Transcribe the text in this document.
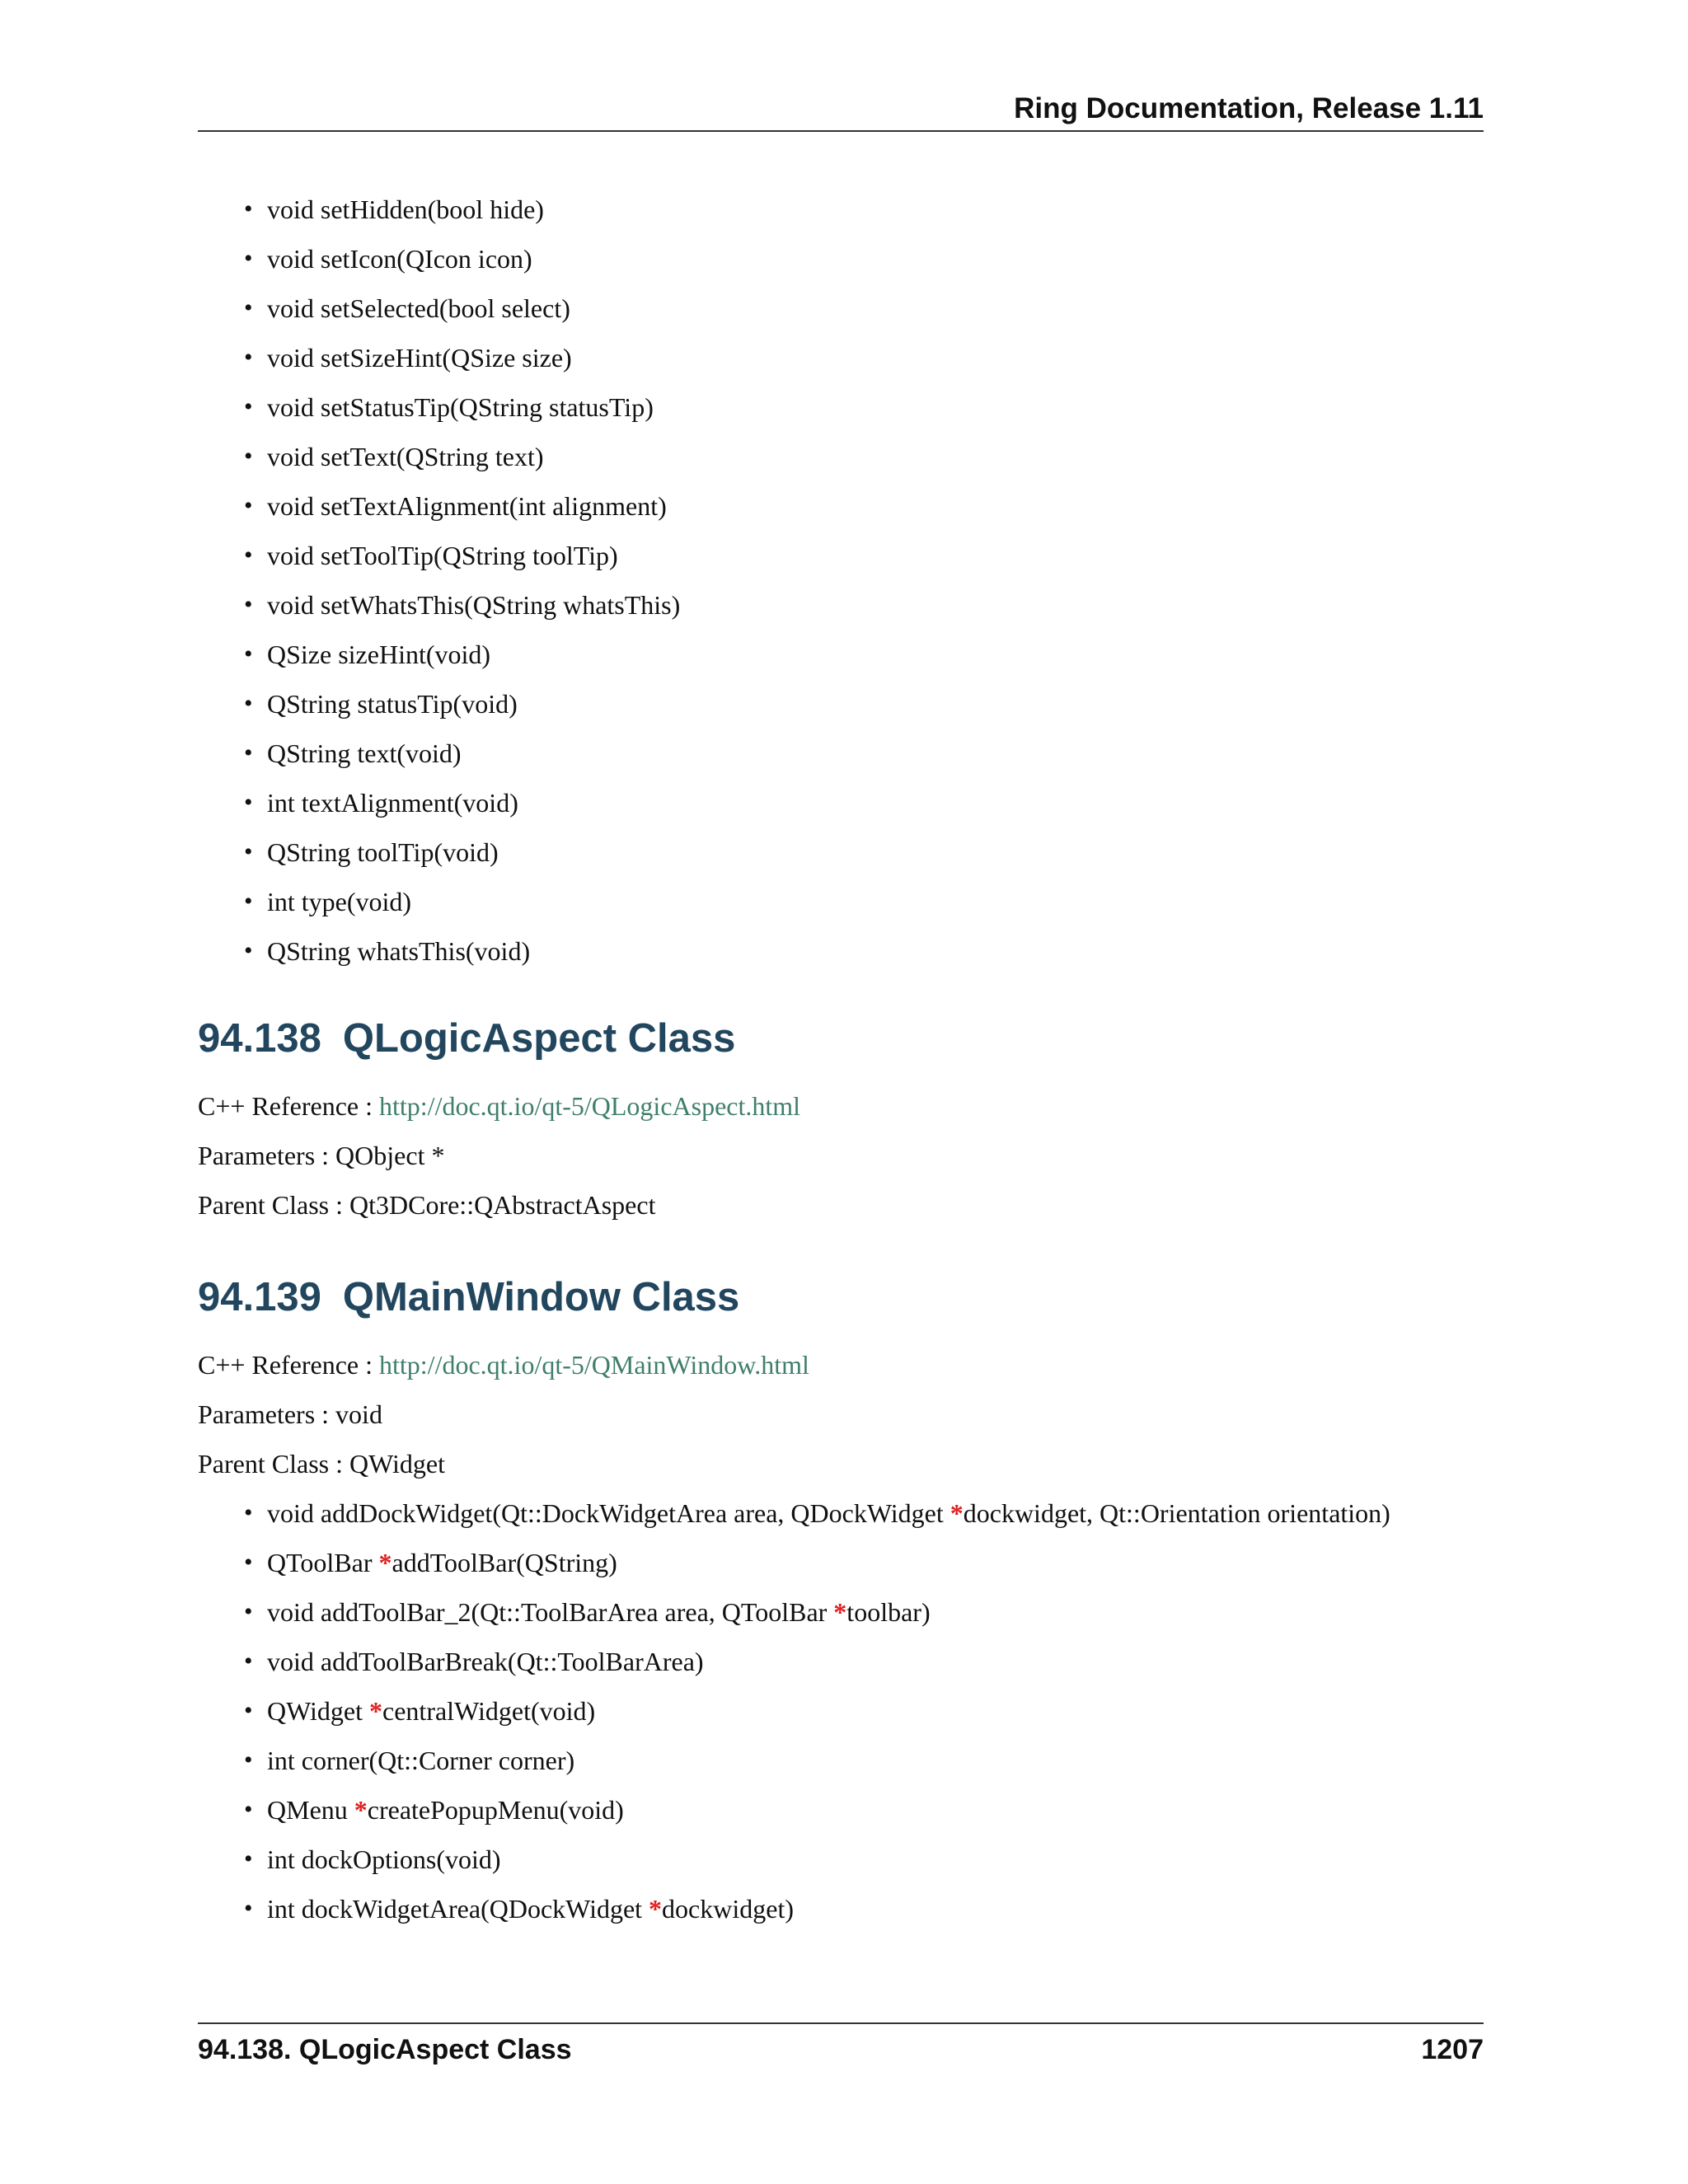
Ring Documentation, Release 1.11
• void setHidden(bool hide)
• void setIcon(QIcon icon)
• void setSelected(bool select)
• void setSizeHint(QSize size)
• void setStatusTip(QString statusTip)
• void setText(QString text)
• void setTextAlignment(int alignment)
• void setToolTip(QString toolTip)
• void setWhatsThis(QString whatsThis)
• QSize sizeHint(void)
• QString statusTip(void)
• QString text(void)
• int textAlignment(void)
• QString toolTip(void)
• int type(void)
• QString whatsThis(void)
94.138 QLogicAspect Class
C++ Reference : http://doc.qt.io/qt-5/QLogicAspect.html
Parameters : QObject *
Parent Class : Qt3DCore::QAbstractAspect
94.139 QMainWindow Class
C++ Reference : http://doc.qt.io/qt-5/QMainWindow.html
Parameters : void
Parent Class : QWidget
• void addDockWidget(Qt::DockWidgetArea area, QDockWidget *dockwidget, Qt::Orientation orientation)
• QToolBar *addToolBar(QString)
• void addToolBar_2(Qt::ToolBarArea area, QToolBar *toolbar)
• void addToolBarBreak(Qt::ToolBarArea)
• QWidget *centralWidget(void)
• int corner(Qt::Corner corner)
• QMenu *createPopupMenu(void)
• int dockOptions(void)
• int dockWidgetArea(QDockWidget *dockwidget)
94.138. QLogicAspect Class	1207
